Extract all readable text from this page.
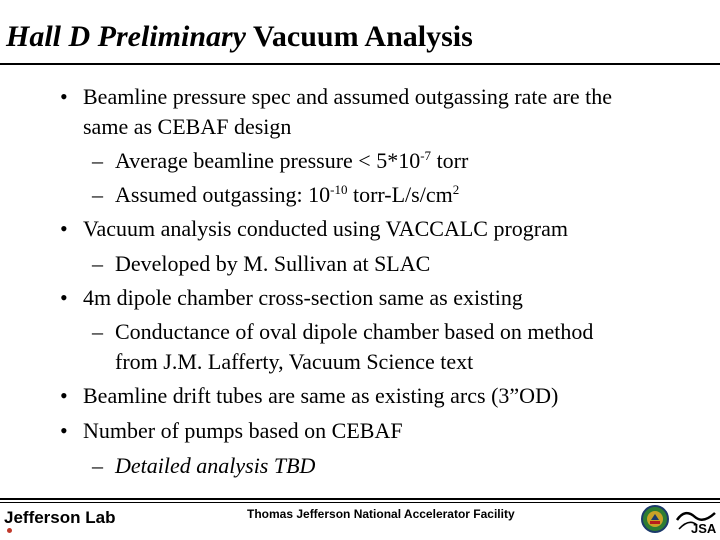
Hall D Preliminary Vacuum Analysis
• Beamline pressure spec and assumed outgassing rate are the
same as CEBAF design
– Average beamline pressure < $5*10^{-7}$ torr
– Assumed outgassing: $10^{-10}$ torr-$L/s/cm^2$
• Vacuum analysis conducted using VACCALC program
– Developed by M. Sullivan at SLAC
• 4m dipole chamber cross-section same as existing
– Conductance of oval dipole chamber based on method
from J.M. Lafferty, Vacuum Science text
• Beamline drift tubes are same as existing arcs (3”OD)
• Number of pumps based on CEBAF
– Detailed analysis TBD
Jefferson Lab	Thomas Jefferson National Accelerator Facility
JSA
